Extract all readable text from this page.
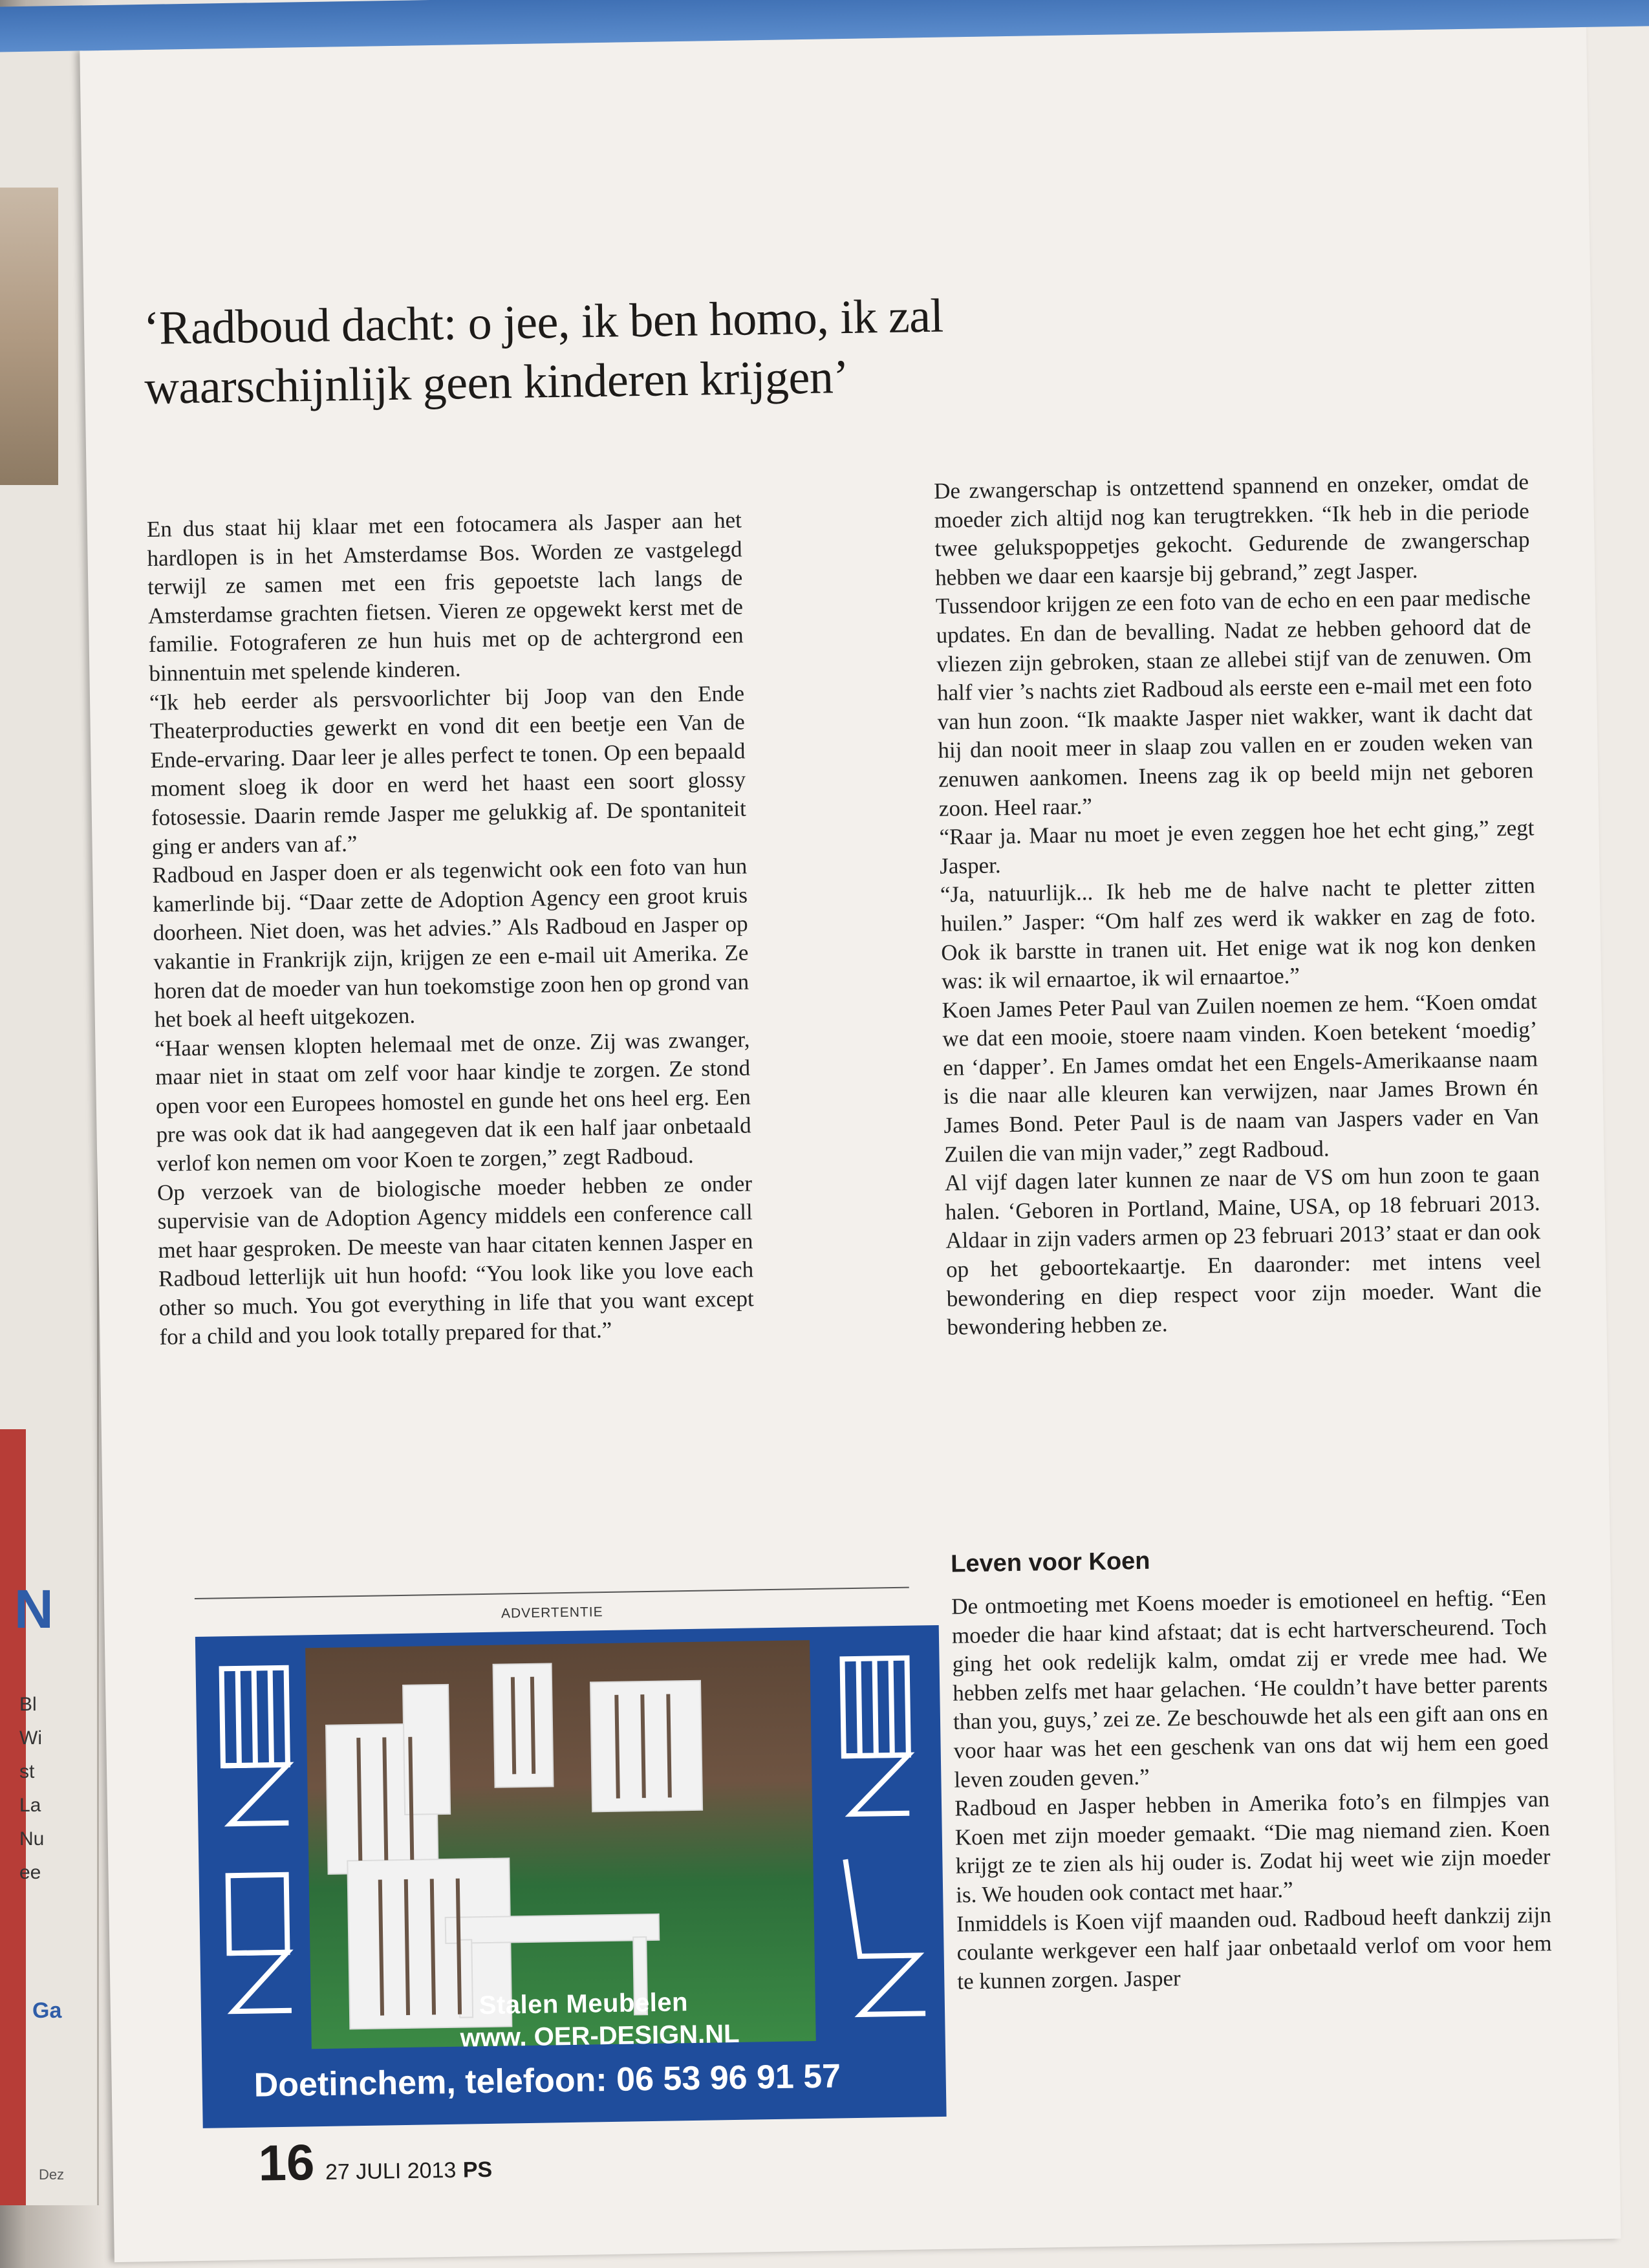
N
Bl
Wi
st
La
Nu
ee
Ga
Dez
‘Radboud dacht: o jee, ik ben homo, ik zal
waarschijnlijk geen kinderen krijgen’

En dus staat hij klaar met een fotocamera als Jasper aan het hardlopen is in het Amsterdamse Bos. Worden ze vastgelegd terwijl ze samen met een fris gepoetste lach langs de Amsterdamse grachten fietsen. Vieren ze opgewekt kerst met de familie. Fotograferen ze hun huis met op de achtergrond een binnentuin met spelende kinderen.

“Ik heb eerder als persvoorlichter bij Joop van den Ende Theaterproducties gewerkt en vond dit een beetje een Van de Ende-ervaring. Daar leer je alles perfect te tonen. Op een bepaald moment sloeg ik door en werd het haast een soort glossy fotosessie. Daarin remde Jasper me gelukkig af. De spontaniteit ging er anders van af.”

Radboud en Jasper doen er als tegenwicht ook een foto van hun kamerlinde bij. “Daar zette de Adoption Agency een groot kruis doorheen. Niet doen, was het advies.” Als Radboud en Jasper op vakantie in Frankrijk zijn, krijgen ze een e-mail uit Amerika. Ze horen dat de moeder van hun toekomstige zoon hen op grond van het boek al heeft uitgekozen.

“Haar wensen klopten helemaal met de onze. Zij was zwanger, maar niet in staat om zelf voor haar kindje te zorgen. Ze stond open voor een Europees homostel en gunde het ons heel erg. Een pre was ook dat ik had aangegeven dat ik een half jaar onbetaald verlof kon nemen om voor Koen te zorgen,” zegt Radboud.

Op verzoek van de biologische moeder hebben ze onder supervisie van de Adoption Agency middels een conference call met haar gesproken. De meeste van haar citaten kennen Jasper en Radboud letterlijk uit hun hoofd: “You look like you love each other so much. You got everything in life that you want except for a child and you look totally prepared for that.”

De zwangerschap is ontzettend spannend en onzeker, omdat de moeder zich altijd nog kan terugtrekken. “Ik heb in die periode twee gelukspoppetjes gekocht. Gedurende de zwangerschap hebben we daar een kaarsje bij gebrand,” zegt Jasper.

Tussendoor krijgen ze een foto van de echo en een paar medische updates. En dan de bevalling. Nadat ze hebben gehoord dat de vliezen zijn gebroken, staan ze allebei stijf van de zenuwen. Om half vier ’s nachts ziet Radboud als eerste een e-mail met een foto van hun zoon. “Ik maakte Jasper niet wakker, want ik dacht dat hij dan nooit meer in slaap zou vallen en er zouden weken van zenuwen aankomen. Ineens zag ik op beeld mijn net geboren zoon. Heel raar.”

“Raar ja. Maar nu moet je even zeggen hoe het echt ging,” zegt Jasper.

“Ja, natuurlijk... Ik heb me de halve nacht te pletter zitten huilen.” Jasper: “Om half zes werd ik wakker en zag de foto. Ook ik barstte in tranen uit. Het enige wat ik nog kon denken was: ik wil ernaartoe, ik wil ernaartoe.”

Koen James Peter Paul van Zuilen noemen ze hem. “Koen omdat we dat een mooie, stoere naam vinden. Koen betekent ‘moedig’ en ‘dapper’. En James omdat het een Engels-Amerikaanse naam is die naar alle kleuren kan verwijzen, naar James Brown én James Bond. Peter Paul is de naam van Jaspers vader en Van Zuilen die van mijn vader,” zegt Radboud.

Al vijf dagen later kunnen ze naar de VS om hun zoon te gaan halen. ‘Geboren in Portland, Maine, USA, op 18 februari 2013. Aldaar in zijn vaders armen op 23 februari 2013’ staat er dan ook op het geboortekaartje. En daaronder: met intens veel bewondering en diep respect voor zijn moeder. Want die bewondering hebben ze.

Leven voor Koen

De ontmoeting met Koens moeder is emotioneel en heftig. “Een moeder die haar kind afstaat; dat is echt hartverscheurend. Toch ging het ook redelijk kalm, omdat zij er vrede mee had. We hebben zelfs met haar gelachen. ‘He couldn’t have better parents than you, guys,’ zei ze. Ze beschouwde het als een gift aan ons en voor haar was het een geschenk van ons dat wij hem een goed leven zouden geven.”

Radboud en Jasper hebben in Amerika foto’s en filmpjes van Koen met zijn moeder gemaakt. “Die mag niemand zien. Koen krijgt ze te zien als hij ouder is. Zodat hij weet wie zijn moeder is. We houden ook contact met haar.”

Inmiddels is Koen vijf maanden oud. Radboud heeft dankzij zijn coulante werkgever een half jaar onbetaald verlof om voor hem te kunnen zorgen. Jasper

ADVERTENTIE
Stalen Meubelen
www. OER-DESIGN.NL
Doetinchem, telefoon: 06 53 96 91 57
16 27 JULI 2013 PS
